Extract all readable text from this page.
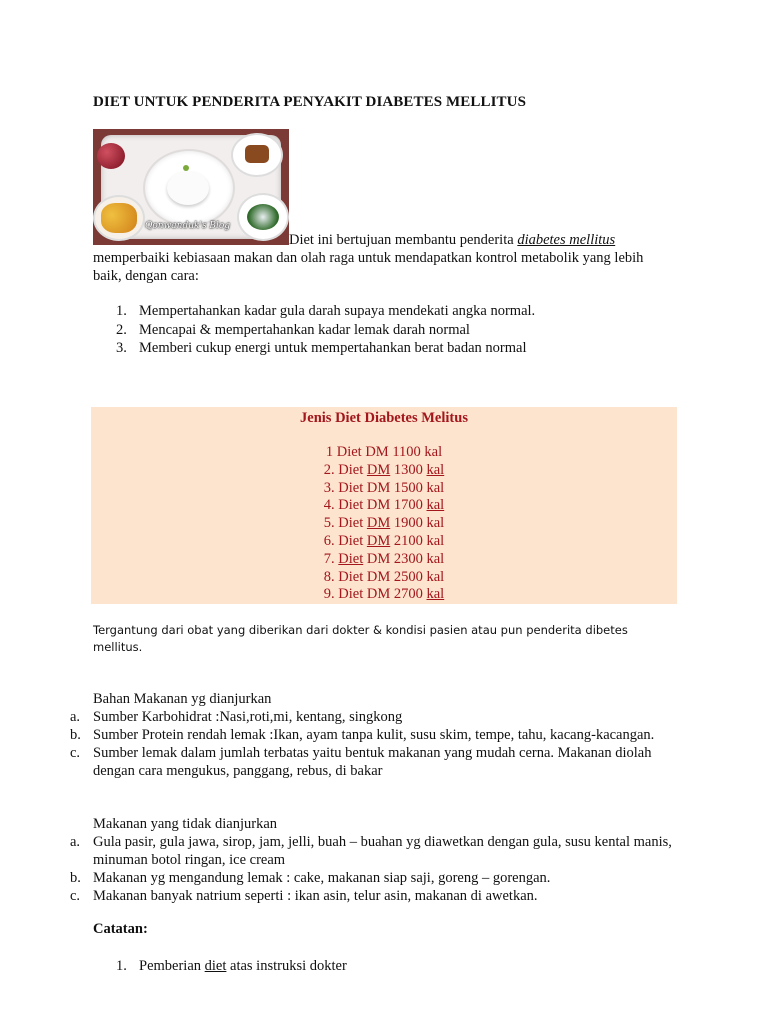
DIET UNTUK PENDERITA PENYAKIT DIABETES MELLITUS
Qonwanduk's Blog
Diet ini bertujuan membantu penderita diabetes mellitus
memperbaiki kebiasaan makan dan olah raga untuk mendapatkan kontrol metabolik yang lebih baik, dengan cara:
1. Mempertahankan kadar gula darah supaya mendekati angka normal.
2. Mencapai & mempertahankan kadar lemak darah normal
3. Memberi cukup energi untuk mempertahankan berat badan normal
Jenis Diet Diabetes Melitus
1 Diet DM 1100 kal
2. Diet DM 1300 kal
3. Diet DM 1500 kal
4. Diet DM 1700 kal
5. Diet DM 1900 kal
6. Diet DM 2100 kal
7. Diet DM 2300 kal
8. Diet DM 2500 kal
9. Diet DM 2700 kal
Tergantung dari obat yang diberikan dari dokter & kondisi pasien atau pun penderita dibetes mellitus.
Bahan Makanan yg dianjurkan
a. Sumber Karbohidrat :Nasi,roti,mi, kentang, singkong
b. Sumber Protein rendah lemak :Ikan, ayam tanpa kulit, susu skim, tempe, tahu, kacang-kacangan.
c. Sumber lemak dalam jumlah terbatas yaitu bentuk makanan yang mudah cerna. Makanan diolah dengan cara mengukus, panggang, rebus, di bakar
Makanan yang tidak dianjurkan
a. Gula pasir, gula jawa, sirop, jam, jelli, buah – buahan yg diawetkan dengan gula, susu kental manis, minuman botol ringan, ice cream
b. Makanan yg mengandung lemak : cake, makanan siap saji, goreng – gorengan.
c. Makanan banyak natrium seperti : ikan asin, telur asin, makanan di awetkan.
Catatan:
1. Pemberian diet atas instruksi dokter
